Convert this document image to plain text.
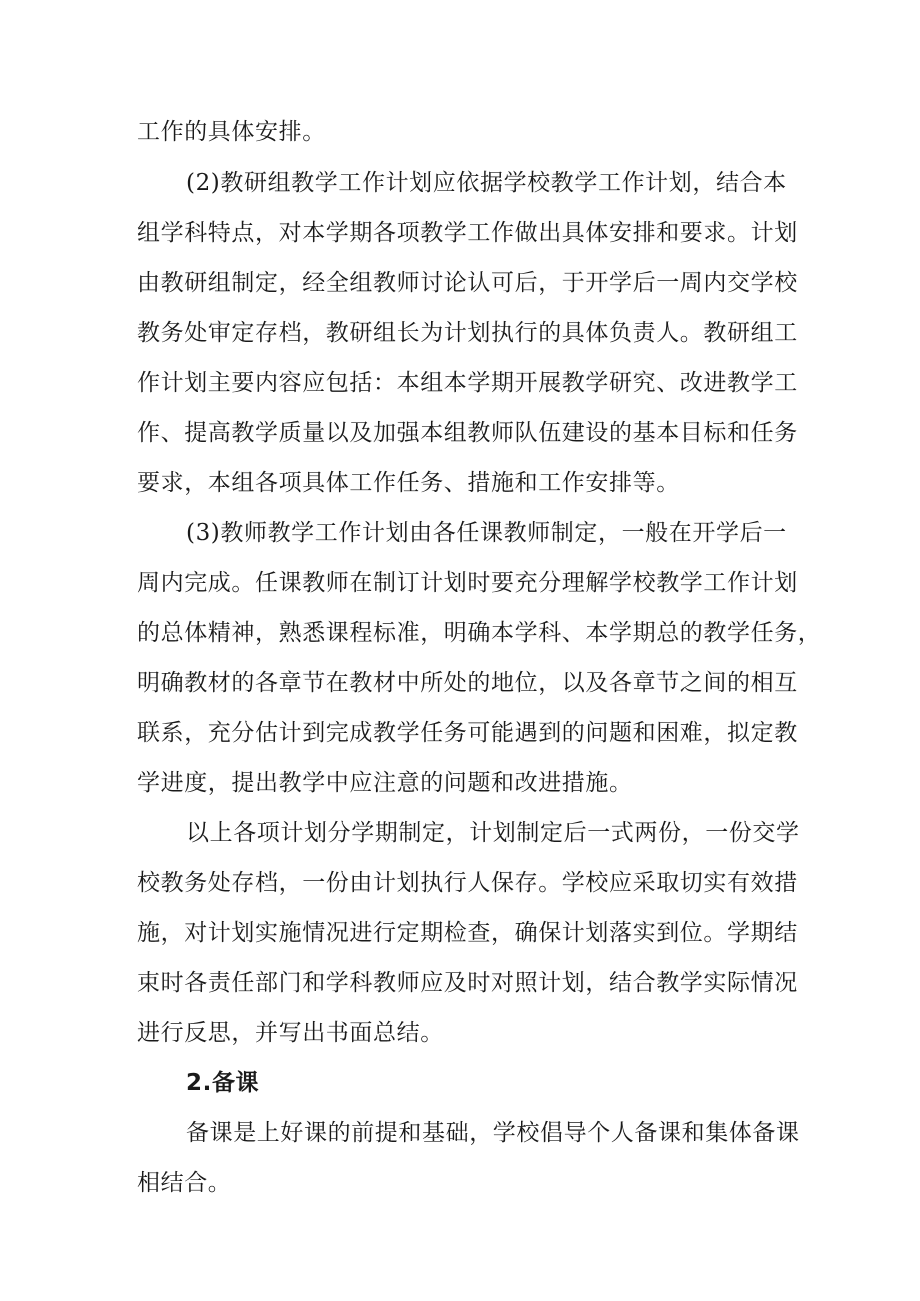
工作的具体安排。
(2)教研组教学工作计划应依据学校教学工作计划，结合本
组学科特点，对本学期各项教学工作做出具体安排和要求。计划
由教研组制定，经全组教师讨论认可后，于开学后一周内交学校
教务处审定存档，教研组长为计划执行的具体负责人。教研组工
作计划主要内容应包括：本组本学期开展教学研究、改进教学工
作、提高教学质量以及加强本组教师队伍建设的基本目标和任务
要求，本组各项具体工作任务、措施和工作安排等。
(3)教师教学工作计划由各任课教师制定，一般在开学后一
周内完成。任课教师在制订计划时要充分理解学校教学工作计划
的总体精神，熟悉课程标准，明确本学科、本学期总的教学任务，
明确教材的各章节在教材中所处的地位，以及各章节之间的相互
联系，充分估计到完成教学任务可能遇到的问题和困难，拟定教
学进度，提出教学中应注意的问题和改进措施。
以上各项计划分学期制定，计划制定后一式两份，一份交学
校教务处存档，一份由计划执行人保存。学校应采取切实有效措
施，对计划实施情况进行定期检查，确保计划落实到位。学期结
束时各责任部门和学科教师应及时对照计划，结合教学实际情况
进行反思，并写出书面总结。
2.备课
备课是上好课的前提和基础，学校倡导个人备课和集体备课
相结合。
